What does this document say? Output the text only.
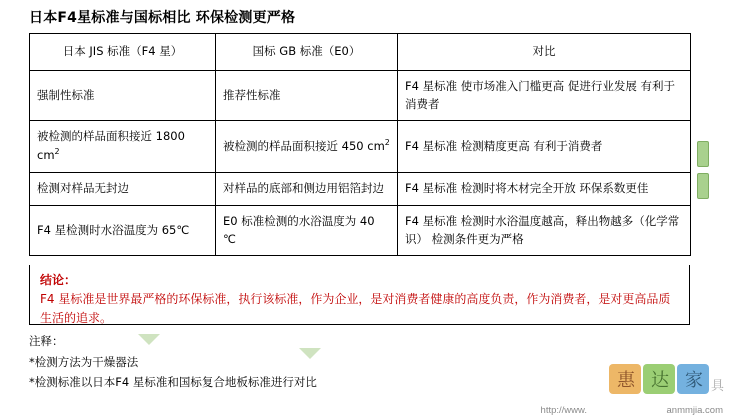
日本F4星标准与国标相比 环保检测更严格
日本 JIS 标准（F4 星）	国标 GB 标准（E0）	对比
强制性标准	推荐性标准	F4 星标准 使市场准入门槛更高 促进行业发展 有利于消费者
被检测的样品面积接近 1800 $cm^2$	被检测的样品面积接近 450 $cm^2$	F4 星标准 检测精度更高 有利于消费者
检测对样品无封边	对样品的底部和侧边用铝箔封边	F4 星标准 检测时将木材完全开放 环保系数更佳
F4 星检测时水浴温度为 65℃	E0 标准检测的水浴温度为 40 ℃	F4 星标准 检测时水浴温度越高，释出物越多（化学常识） 检测条件更为严格
结论：
F4 星标准是世界最严格的环保标准，执行该标准，作为企业，是对消费者健康的高度负责，作为消费者，是对更高品质生活的追求。
注释：
*检测方法为干燥器法
*检测标准以日本F4 星标准和国标复合地板标准进行对比	惠 达 家 具
http://www.	anmmjia.com
